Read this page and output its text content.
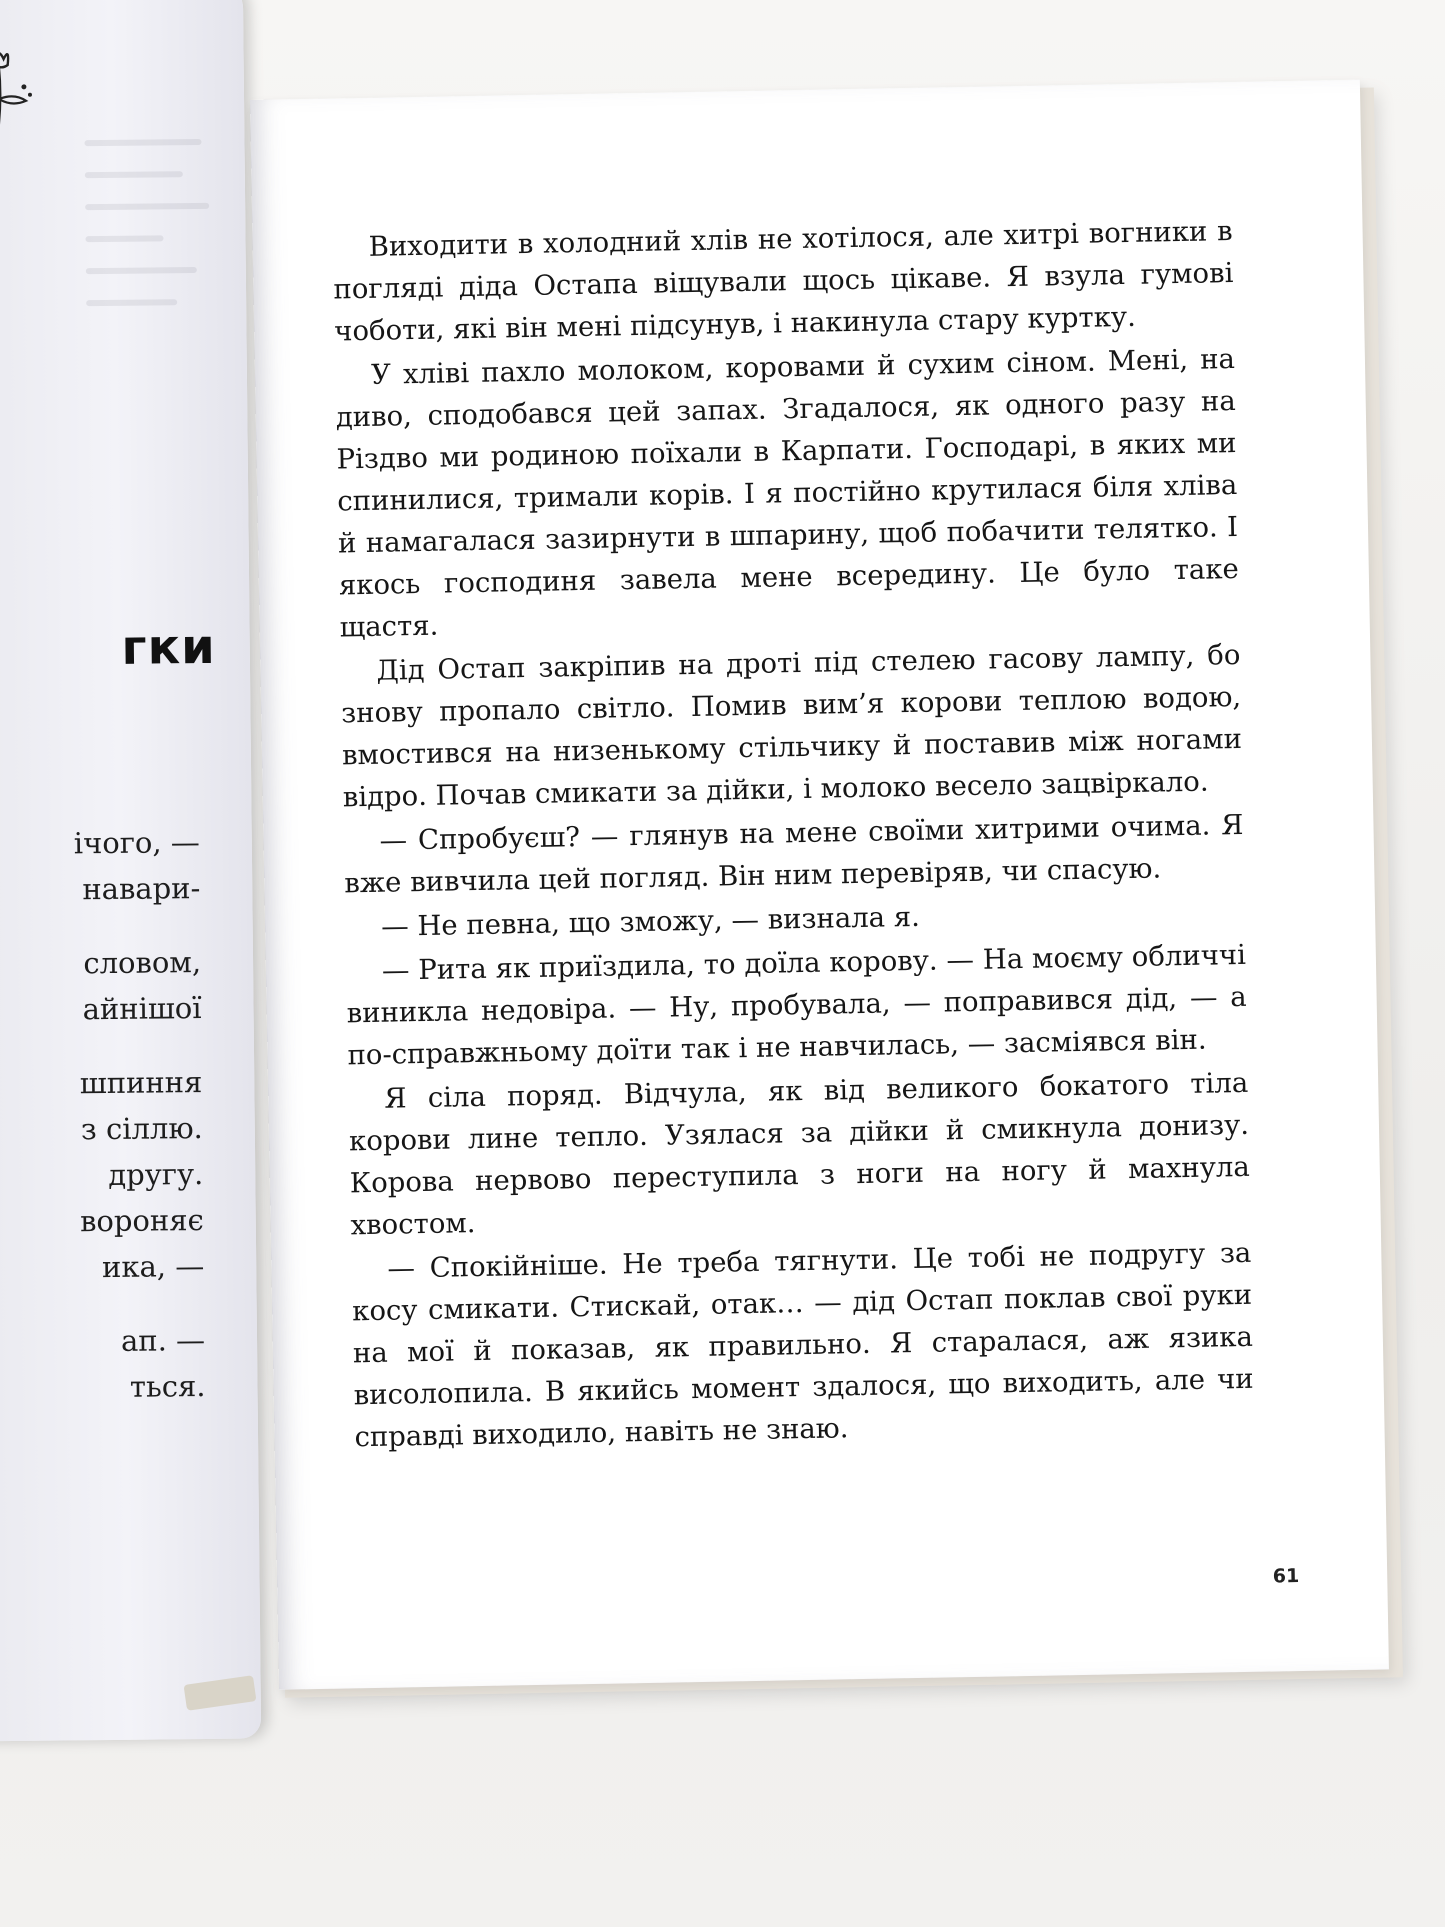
гки
ічого, —
навари-
словом,
айнішої
шпиння
з сіллю.
другу.
вороняє
ика, —
ап. —
ться.

Виходити в холодний хлів не хотілося, але хитрі вогники в погляді діда Остапа віщували щось цікаве. Я взула гумові чоботи, які він мені підсунув, і накинула стару куртку.

У хліві пахло молоком, коровами й сухим сіном. Мені, на диво, сподобався цей запах. Згадалося, як одного разу на Різдво ми родиною поїхали в Карпати. Господарі, в яких ми спинилися, тримали корів. І я постійно крутилася біля хліва й намагалася зазирнути в шпарину, щоб побачити телятко. І якось господиня завела мене всередину. Це було таке щастя.

Дід Остап закріпив на дроті під стелею гасову лампу, бо знову пропало світло. Помив вим’я корови теплою водою, вмостився на низенькому стільчику й поставив між ногами відро. Почав смикати за дійки, і молоко весело зацвіркало.

— Спробуєш? — глянув на мене своїми хитрими очима. Я вже вивчила цей погляд. Він ним перевіряв, чи спасую.

— Не певна, що зможу, — визнала я.

— Рита як приїздила, то доїла корову. — На моєму обличчі виникла недовіра. — Ну, пробувала, — поправився дід, — а по-справжньому доїти так і не навчилась, — засміявся він.

Я сіла поряд. Відчула, як від великого бокатого тіла корови лине тепло. Узялася за дійки й смикнула донизу. Корова нервово переступила з ноги на ногу й махнула хвостом.

— Спокійніше. Не треба тягнути. Це тобі не подругу за косу смикати. Стискай, отак… — дід Остап поклав свої руки на мої й показав, як правильно. Я старалася, аж язика висолопила. В якийсь момент здалося, що виходить, але чи справді виходило, навіть не знаю.

61
